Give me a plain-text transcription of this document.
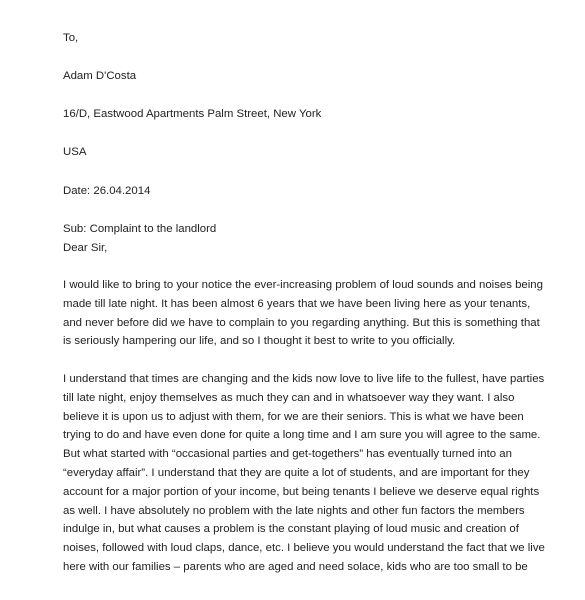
To,

Adam D'Costa

16/D, Eastwood Apartments Palm Street, New York

USA

Date: 26.04.2014

Sub: Complaint to the landlord

Dear Sir,

I would like to bring to your notice the ever-increasing problem of loud sounds and noises being
made till late night. It has been almost 6 years that we have been living here as your tenants,
and never before did we have to complain to you regarding anything. But this is something that
is seriously hampering our life, and so I thought it best to write to you officially.
I understand that times are changing and the kids now love to live life to the fullest, have parties
till late night, enjoy themselves as much they can and in whatsoever way they want. I also
believe it is upon us to adjust with them, for we are their seniors. This is what we have been
trying to do and have even done for quite a long time and I am sure you will agree to the same.
But what started with “occasional parties and get-togethers” has eventually turned into an
“everyday affair”. I understand that they are quite a lot of students, and are important for they
account for a major portion of your income, but being tenants I believe we deserve equal rights
as well. I have absolutely no problem with the late nights and other fun factors the members
indulge in, but what causes a problem is the constant playing of loud music and creation of
noises, followed with loud claps, dance, etc. I believe you would understand the fact that we live
here with our families – parents who are aged and need solace, kids who are too small to be
